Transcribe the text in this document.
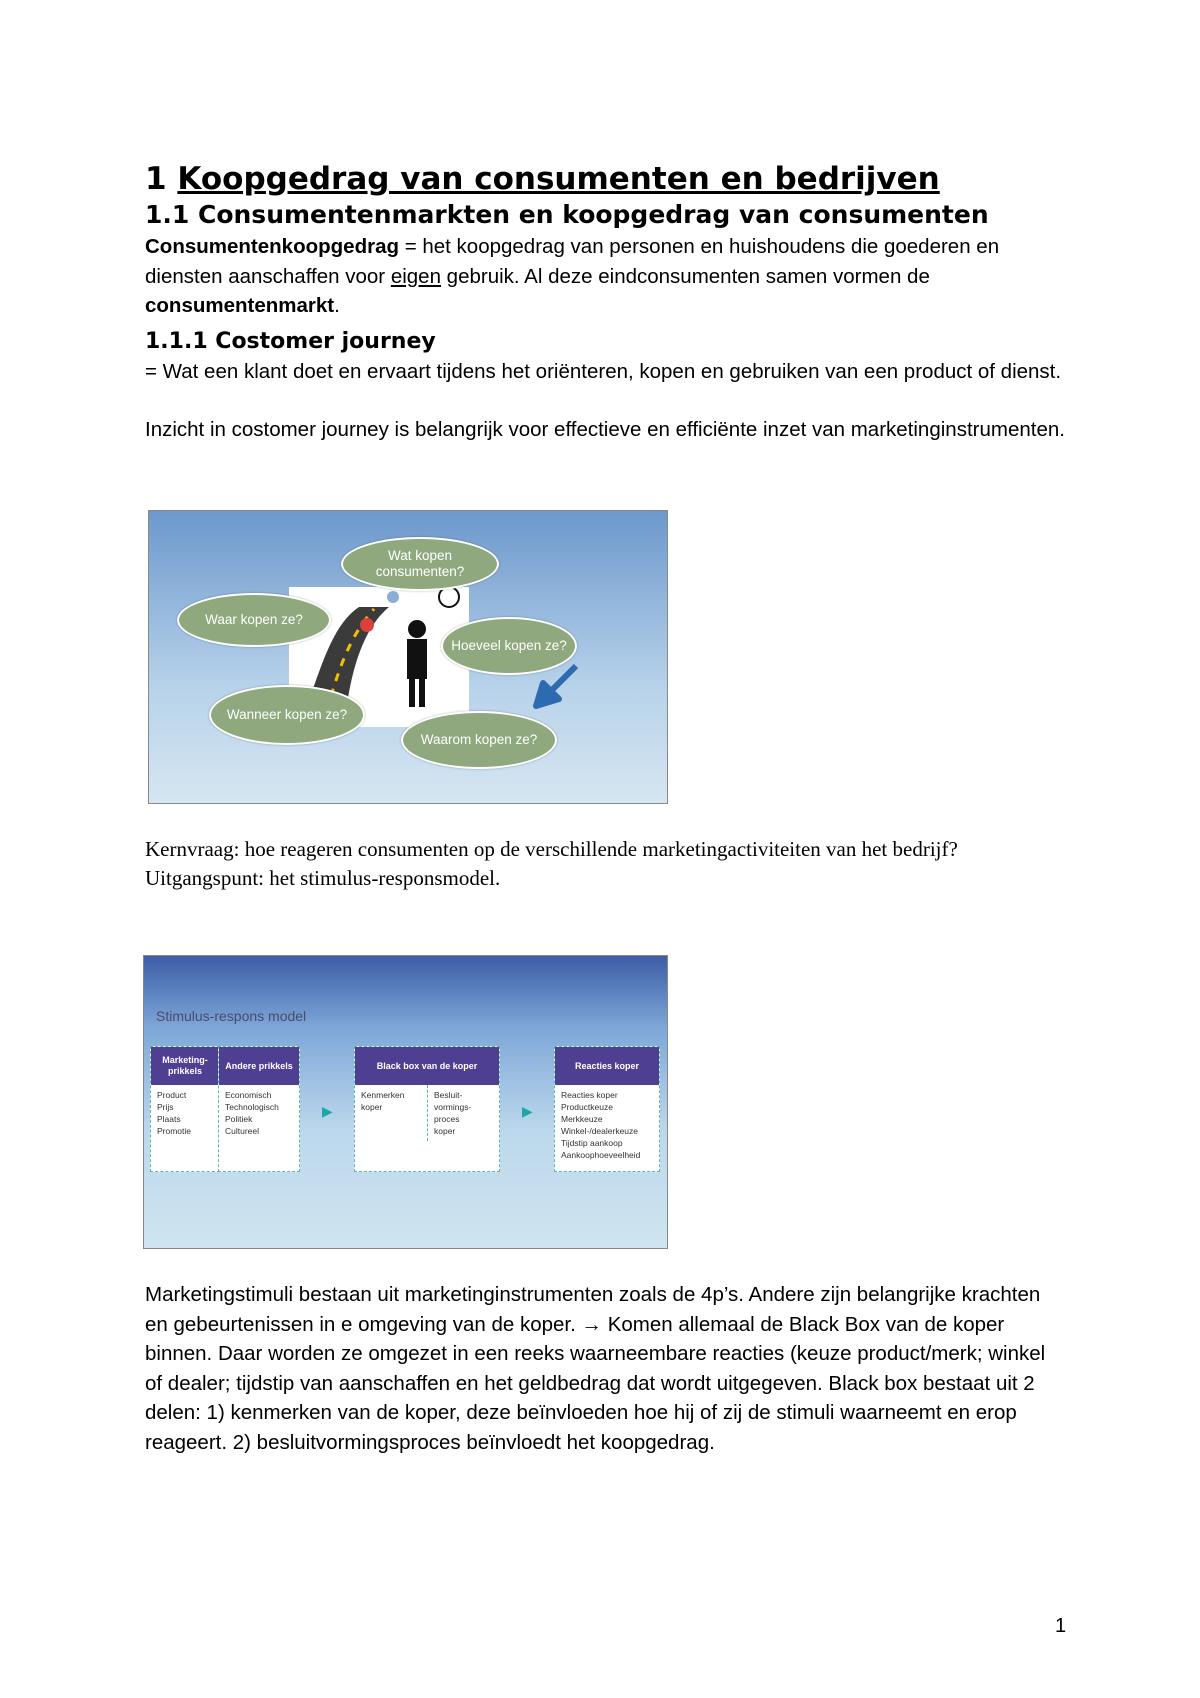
1 Koopgedrag van consumenten en bedrijven
1.1 Consumentenmarkten en koopgedrag van consumenten

Consumentenkoopgedrag = het koopgedrag van personen en huishoudens die goederen en diensten aanschaffen voor eigen gebruik. Al deze eindconsumenten samen vormen de consumentenmarkt.

1.1.1 Costomer journey

= Wat een klant doet en ervaart tijdens het oriënteren, kopen en gebruiken van een product of dienst.

Inzicht in costomer journey is belangrijk voor effectieve en efficiënte inzet van marketinginstrumenten.

Wat kopen consumenten?
Waar kopen ze?
Hoeveel kopen ze?
Wanneer kopen ze?
Waarom kopen ze?

Kernvraag: hoe reageren consumenten op de verschillende marketingactiviteiten van het bedrijf? Uitgangspunt: het stimulus-responsmodel.

Stimulus-respons model
Marketing-prikkels
Product
Prijs
Plaats
Promotie
Andere prikkels
Economisch
Technologisch
Politiek
Cultureel
▶
Black box van de koper
Kenmerken
koper
Besluit-
vormings-
proces
koper
▶
Reacties koper
Reacties koper
Productkeuze
Merkkeuze
Winkel-/dealerkeuze
Tijdstip aankoop
Aankoophoeveelheid

Marketingstimuli bestaan uit marketinginstrumenten zoals de 4p’s. Andere zijn belangrijke krachten en gebeurtenissen in e omgeving van de koper. → Komen allemaal de Black Box van de koper binnen. Daar worden ze omgezet in een reeks waarneembare reacties (keuze product/merk; winkel of dealer; tijdstip van aanschaffen en het geldbedrag dat wordt uitgegeven. Black box bestaat uit 2 delen: 1) kenmerken van de koper, deze beïnvloeden hoe hij of zij de stimuli waarneemt en erop reageert. 2) besluitvormingsproces beïnvloedt het koopgedrag.

1
